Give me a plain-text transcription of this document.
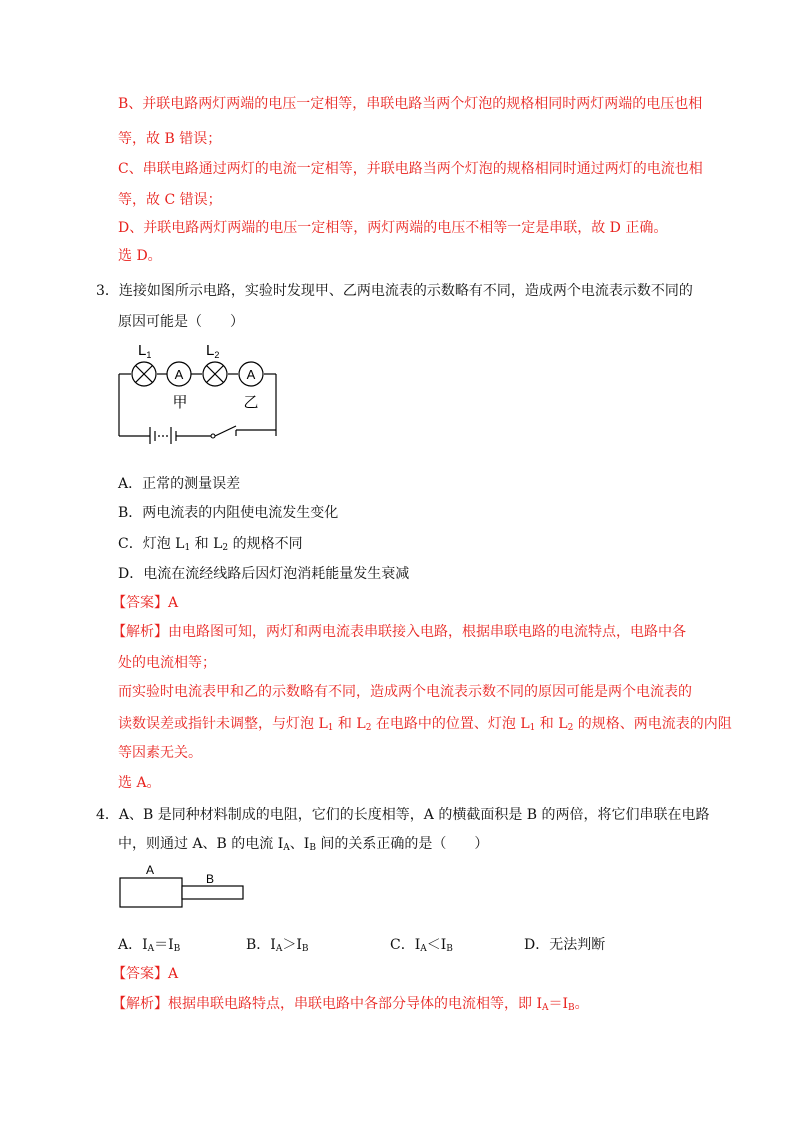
B、并联电路两灯两端的电压一定相等，串联电路当两个灯泡的规格相同时两灯两端的电压也相
等，故 B 错误；
C、串联电路通过两灯的电流一定相等，并联电路当两个灯泡的规格相同时通过两灯的电流也相
等，故 C 错误；
D、并联电路两灯两端的电压一定相等，两灯两端的电压不相等一定是串联，故 D 正确。
选 D。
3．连接如图所示电路，实验时发现甲、乙两电流表的示数略有不同，造成两个电流表示数不同的
原因可能是（　　）
A	A
$L_1$	$L_2$
甲	乙
A．正常的测量误差
B．两电流表的内阻使电流发生变化
C．灯泡 $L_1$ 和 $L_2$ 的规格不同
D．电流在流经线路后因灯泡消耗能量发生衰减
【答案】A
【解析】由电路图可知，两灯和两电流表串联接入电路，根据串联电路的电流特点，电路中各
处的电流相等；
而实验时电流表甲和乙的示数略有不同，造成两个电流表示数不同的原因可能是两个电流表的
读数误差或指针未调整，与灯泡 $L_1$ 和 $L_2$ 在电路中的位置、灯泡 $L_1$ 和 $L_2$ 的规格、两电流表的内阻
等因素无关。
选 A。
4．A、B 是同种材料制成的电阻，它们的长度相等，A 的横截面积是 B 的两倍，将它们串联在电路
中，则通过 A、B 的电流 $I_A$、$I_B$ 间的关系正确的是（　　）
A
B
A．$I_A=I_B$	B．$I_A>I_B$	C．$I_A<I_B$	D．无法判断
【答案】A
【解析】根据串联电路特点，串联电路中各部分导体的电流相等，即 $I_A=I_B$。
